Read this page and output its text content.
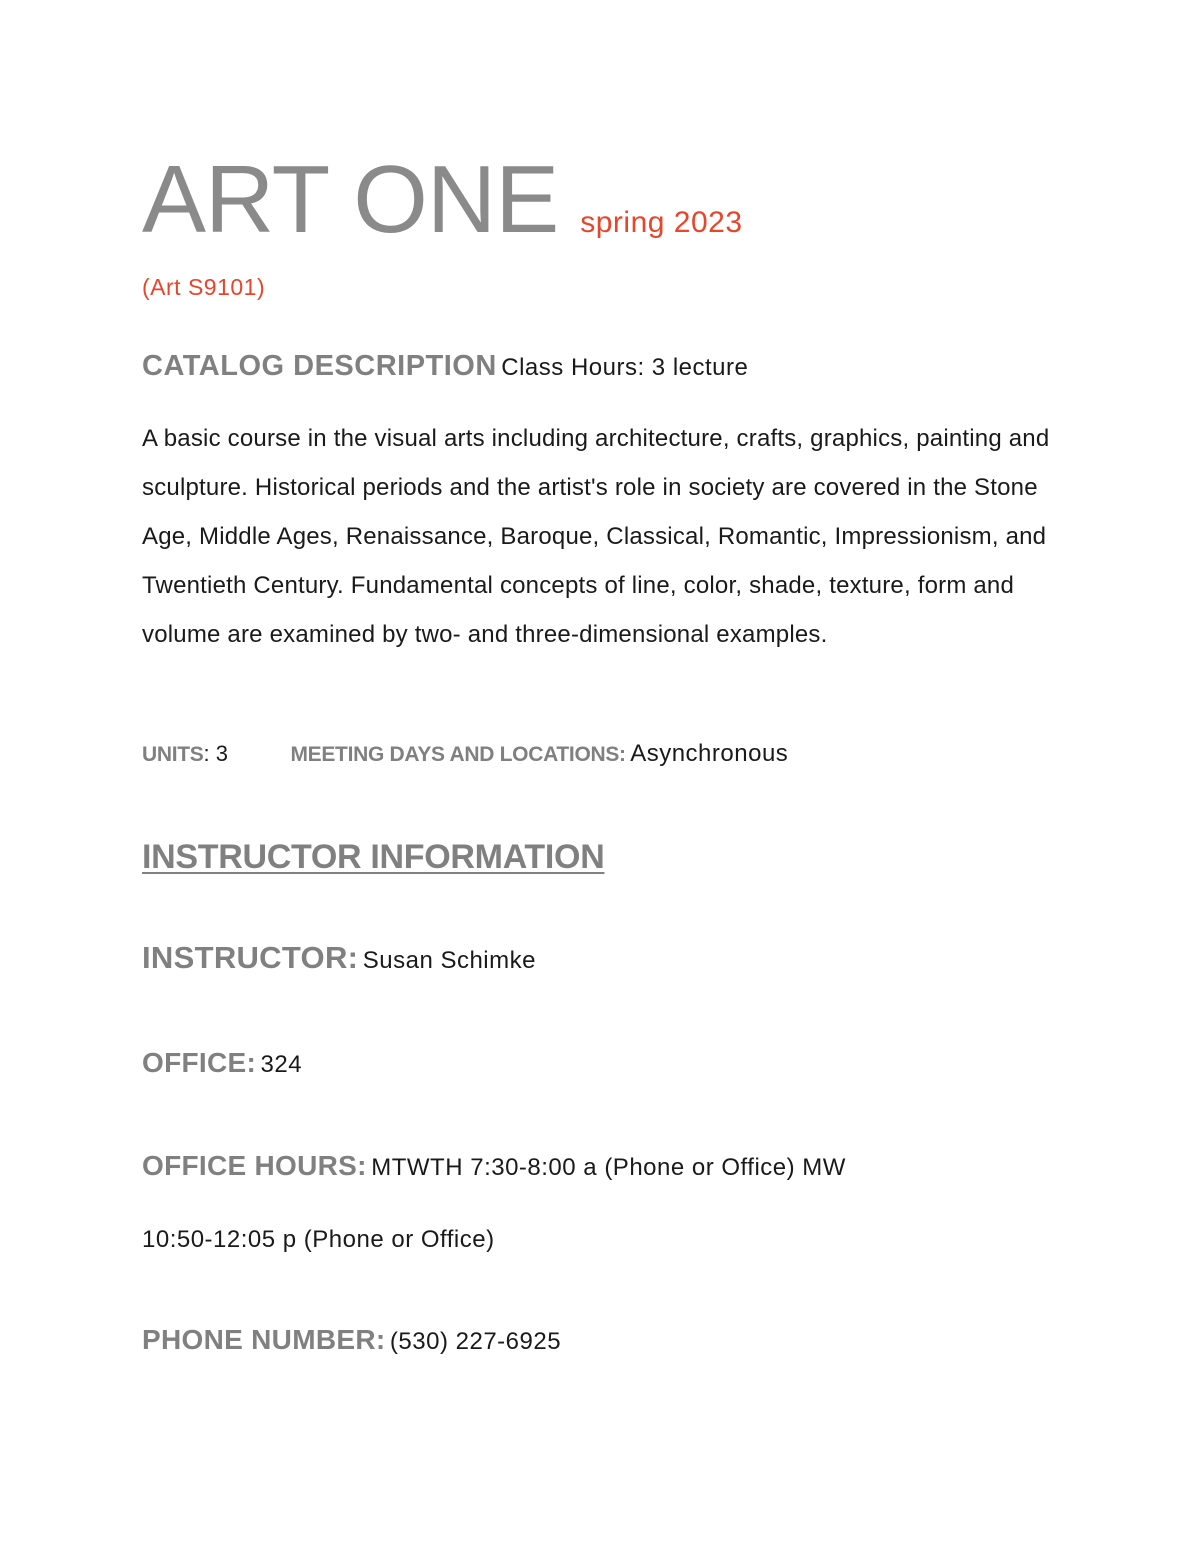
ART ONE spring 2023
(Art S9101)
CATALOG DESCRIPTION Class Hours: 3 lecture

A basic course in the visual arts including architecture, crafts, graphics, painting and sculpture. Historical periods and the artist's role in society are covered in the Stone Age, Middle Ages, Renaissance, Baroque, Classical, Romantic, Impressionism, and Twentieth Century. Fundamental concepts of line, color, shade, texture, form and volume are examined by two- and three-dimensional examples.

UNITS: 3	MEETING DAYS AND LOCATIONS: Asynchronous
INSTRUCTOR INFORMATION
INSTRUCTOR: Susan Schimke
OFFICE: 324
OFFICE HOURS: MTWTH 7:30-8:00 a (Phone or Office) MW
10:50-12:05 p (Phone or Office)
PHONE NUMBER: (530) 227-6925
